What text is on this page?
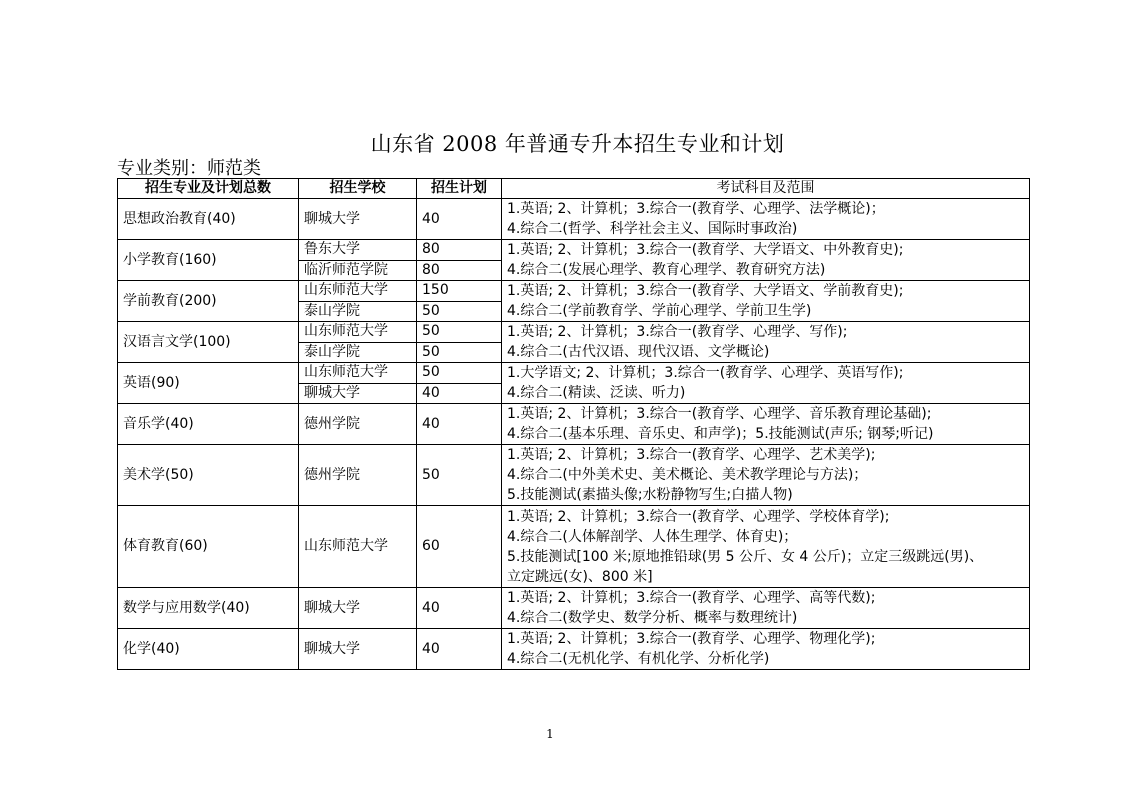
山东省 2008 年普通专升本招生专业和计划
专业类别：师范类
招生专业及计划总数	招生学校	招生计划	考试科目及范围
思想政治教育(40)	聊城大学	40	1.英语; 2、计算机；3.综合一(教育学、心理学、法学概论)；
4.综合二(哲学、科学社会主义、国际时事政治)

小学教育(160)	鲁东大学	80	1.英语; 2、计算机；3.综合一(教育学、大学语文、中外教育史);
4.综合二(发展心理学、教育心理学、教育研究方法)

	临沂师范学院	80	
学前教育(200)	山东师范大学	150	1.英语; 2、计算机；3.综合一(教育学、大学语文、学前教育史);
4.综合二(学前教育学、学前心理学、学前卫生学)

	泰山学院	50	
汉语言文学(100)	山东师范大学	50	1.英语; 2、计算机；3.综合一(教育学、心理学、写作);
4.综合二(古代汉语、现代汉语、文学概论)

	泰山学院	50	
英语(90)	山东师范大学	50	1.大学语文; 2、计算机；3.综合一(教育学、心理学、英语写作);
4.综合二(精读、泛读、听力)

	聊城大学	40	
音乐学(40)	德州学院	40	1.英语; 2、计算机；3.综合一(教育学、心理学、音乐教育理论基础);
4.综合二(基本乐理、音乐史、和声学)；5.技能测试(声乐; 钢琴;听记)

美术学(50)	德州学院	50	1.英语; 2、计算机；3.综合一(教育学、心理学、艺术美学);
4.综合二(中外美术史、美术概论、美术教学理论与方法)；
5.技能测试(素描头像;水粉静物写生;白描人物)

体育教育(60)	山东师范大学	60	1.英语; 2、计算机；3.综合一(教育学、心理学、学校体育学);
4.综合二(人体解剖学、人体生理学、体育史)；
5.技能测试[100 米;原地推铅球(男 5 公斤、女 4 公斤)；立定三级跳远(男)、
立定跳远(女)、800 米]

数学与应用数学(40)	聊城大学	40	1.英语; 2、计算机；3.综合一(教育学、心理学、高等代数);
4.综合二(数学史、数学分析、概率与数理统计)

化学(40)	聊城大学	40	1.英语; 2、计算机；3.综合一(教育学、心理学、物理化学);
4.综合二(无机化学、有机化学、分析化学)
1
